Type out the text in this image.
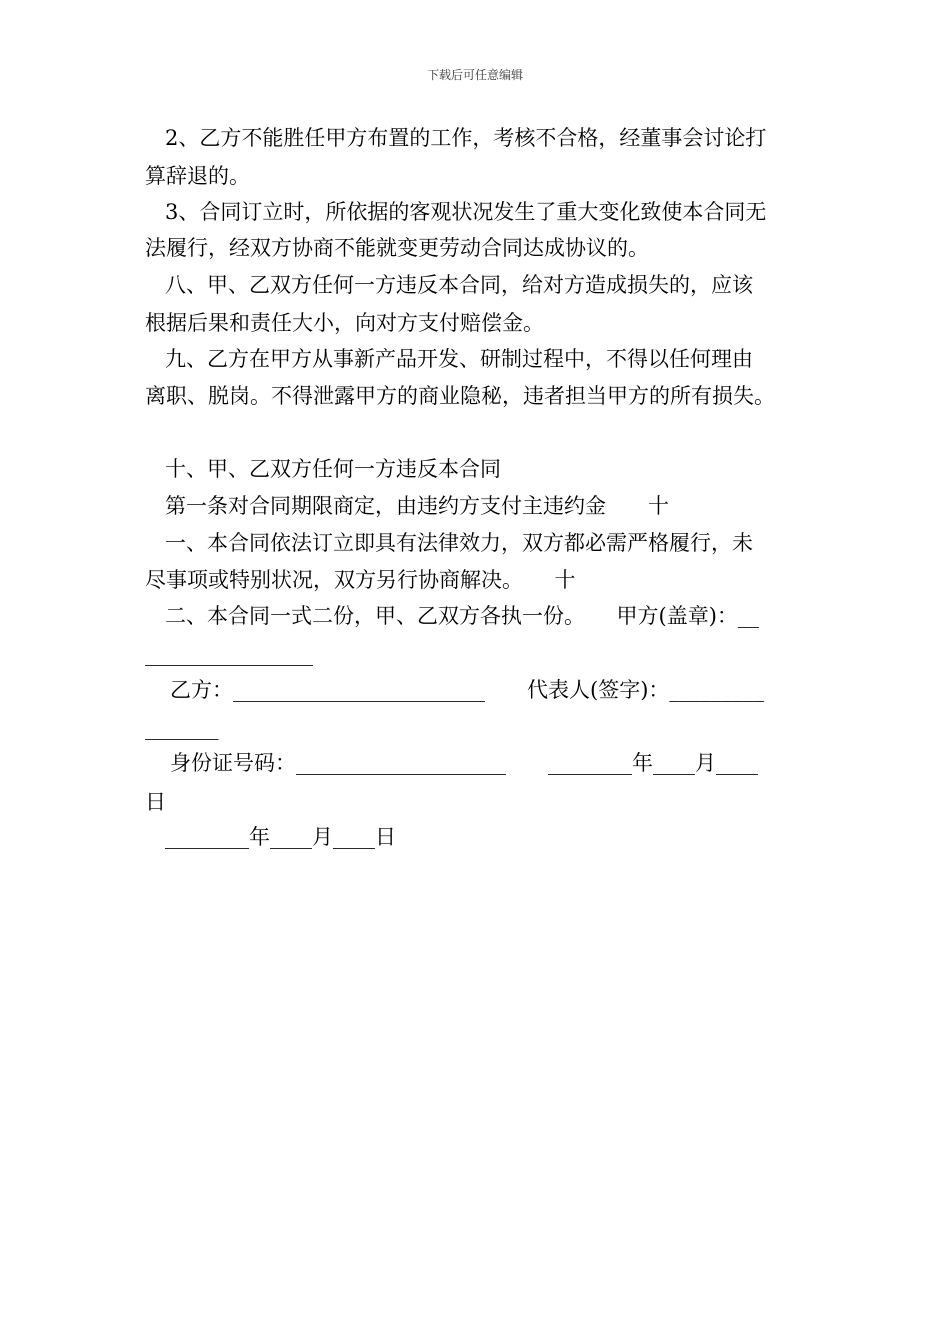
下载后可任意编辑
2、乙方不能胜任甲方布置的工作，考核不合格，经董事会讨论打
算辞退的。
3、合同订立时，所依据的客观状况发生了重大变化致使本合同无
法履行，经双方协商不能就变更劳动合同达成协议的。
八、甲、乙双方任何一方违反本合同，给对方造成损失的，应该
根据后果和责任大小，向对方支付赔偿金。
九、乙方在甲方从事新产品开发、研制过程中，不得以任何理由
离职、脱岗。不得泄露甲方的商业隐秘，违者担当甲方的所有损失。
十、甲、乙双方任何一方违反本合同
第一条对合同期限商定，由违约方支付主违约金　　十
一、本合同依法订立即具有法律效力，双方都必需严格履行，未
尽事项或特别状况，双方另行协商解决。　　十
二、本合同一式二份，甲、乙双方各执一份。　　甲方(盖章)：__
________________
乙方：________________________　　代表人(签字)：_________
_______
身份证号码：____________________　　________年____月____
日
________年____月____日
